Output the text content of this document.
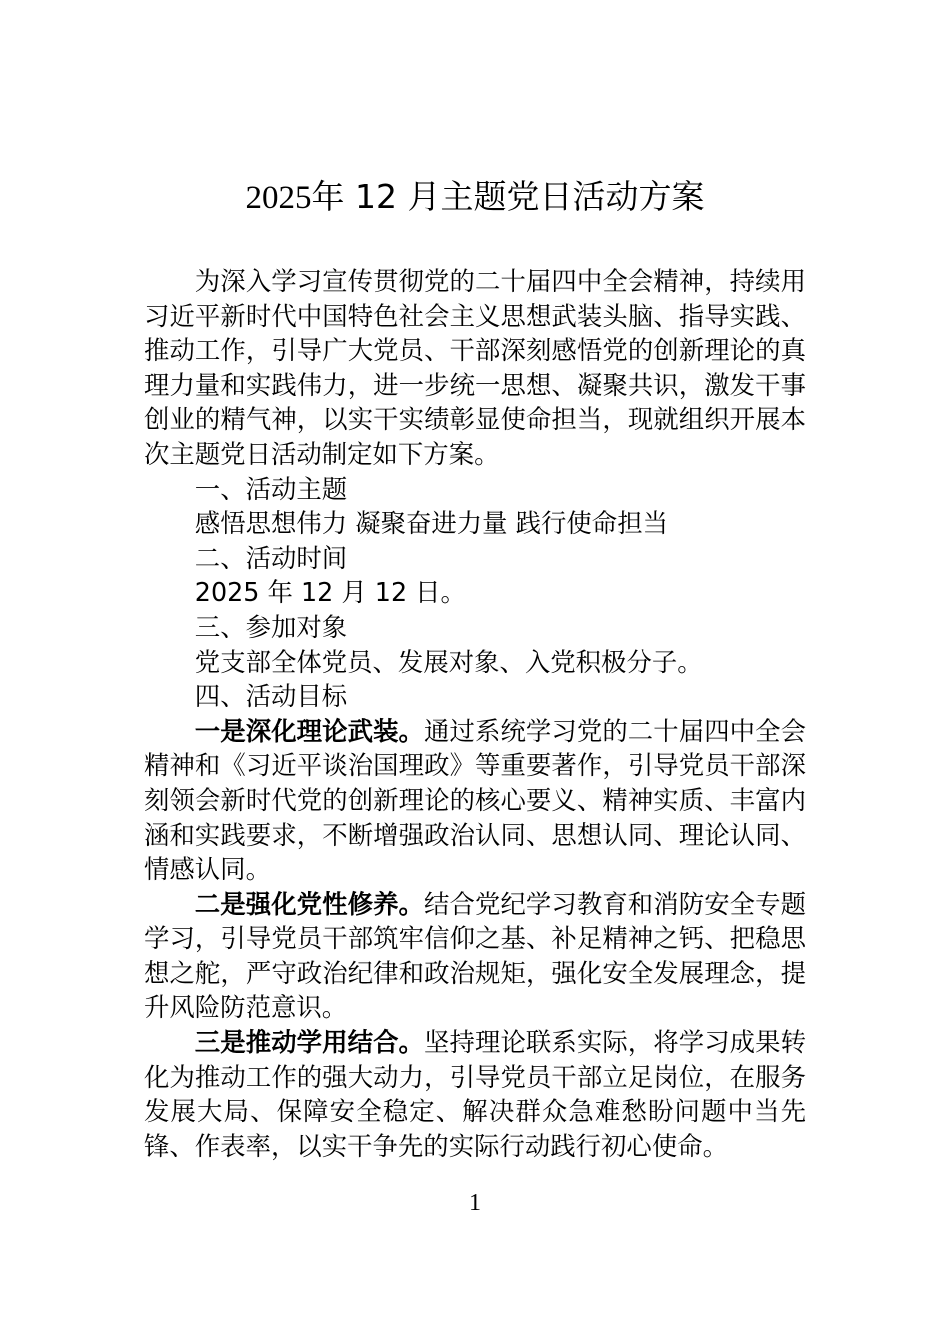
2025年 12 月主题党日活动方案

为深入学习宣传贯彻党的二十届四中全会精神，持续用习近平新时代中国特色社会主义思想武装头脑、指导实践、推动工作，引导广大党员、干部深刻感悟党的创新理论的真理力量和实践伟力，进一步统一思想、凝聚共识，激发干事创业的精气神，以实干实绩彰显使命担当，现就组织开展本次主题党日活动制定如下方案。

一、活动主题

感悟思想伟力 凝聚奋进力量 践行使命担当

二、活动时间

2025 年 12 月 12 日。

三、参加对象

党支部全体党员、发展对象、入党积极分子。

四、活动目标

一是深化理论武装。通过系统学习党的二十届四中全会精神和《习近平谈治国理政》等重要著作，引导党员干部深刻领会新时代党的创新理论的核心要义、精神实质、丰富内涵和实践要求，不断增强政治认同、思想认同、理论认同、情感认同。

二是强化党性修养。结合党纪学习教育和消防安全专题学习，引导党员干部筑牢信仰之基、补足精神之钙、把稳思想之舵，严守政治纪律和政治规矩，强化安全发展理念，提升风险防范意识。

三是推动学用结合。坚持理论联系实际，将学习成果转化为推动工作的强大动力，引导党员干部立足岗位，在服务发展大局、保障安全稳定、解决群众急难愁盼问题中当先锋、作表率，以实干争先的实际行动践行初心使命。

1
